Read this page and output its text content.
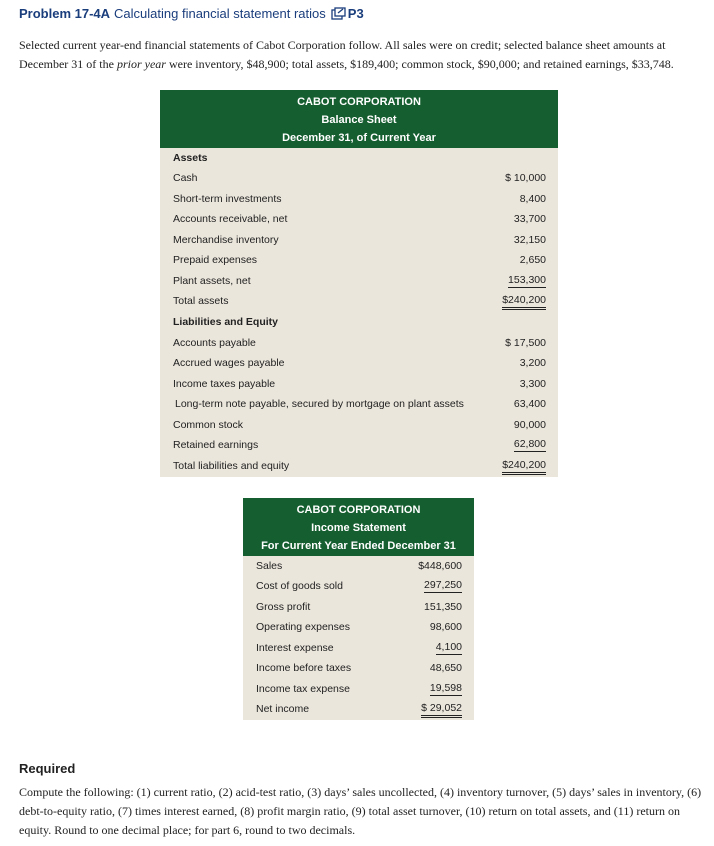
Problem 17-4A Calculating financial statement ratios P3
Selected current year-end financial statements of Cabot Corporation follow. All sales were on credit; selected balance sheet amounts at December 31 of the prior year were inventory, $48,900; total assets, $189,400; common stock, $90,000; and retained earnings, $33,748.
CABOT CORPORATION
Balance Sheet
December 31, of Current Year
Assets
Cash	$ 10,000
Short-term investments	8,400
Accounts receivable, net	33,700
Merchandise inventory	32,150
Prepaid expenses	2,650
Plant assets, net	153,300
Total assets	$240,200
Liabilities and Equity
Accounts payable	$ 17,500
Accrued wages payable	3,200
Income taxes payable	3,300
Long-term note payable, secured by mortgage on plant assets	63,400
Common stock	90,000
Retained earnings	62,800
Total liabilities and equity	$240,200
CABOT CORPORATION
Income Statement
For Current Year Ended December 31
Sales	$448,600
Cost of goods sold	297,250
Gross profit	151,350
Operating expenses	98,600
Interest expense	4,100
Income before taxes	48,650
Income tax expense	19,598
Net income	$ 29,052
Required
Compute the following: (1) current ratio, (2) acid-test ratio, (3) days’ sales uncollected, (4) inventory turnover, (5) days’ sales in inventory, (6) debt-to-equity ratio, (7) times interest earned, (8) profit margin ratio, (9) total asset turnover, (10) return on total assets, and (11) return on equity. Round to one decimal place; for part 6, round to two decimals.
